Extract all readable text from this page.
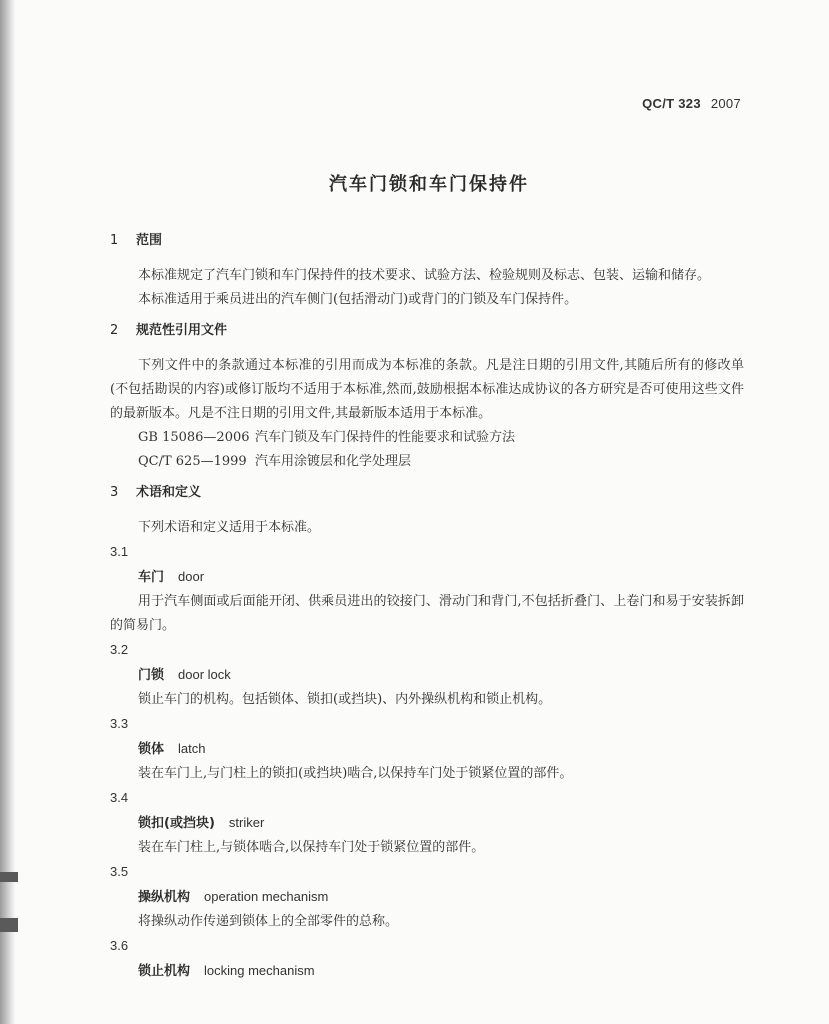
QC/T 323 2007
汽车门锁和车门保持件
1 范围

本标准规定了汽车门锁和车门保持件的技术要求、试验方法、检验规则及标志、包装、运输和储存。

本标准适用于乘员进出的汽车侧门(包括滑动门)或背门的门锁及车门保持件。

2 规范性引用文件

下列文件中的条款通过本标准的引用而成为本标准的条款。凡是注日期的引用文件,其随后所有的修改单(不包括勘误的内容)或修订版均不适用于本标准,然而,鼓励根据本标准达成协议的各方研究是否可使用这些文件的最新版本。凡是不注日期的引用文件,其最新版本适用于本标准。

GB 15086—2006 汽车门锁及车门保持件的性能要求和试验方法

QC/T 625—1999 汽车用涂镀层和化学处理层

3 术语和定义

下列术语和定义适用于本标准。

3.1
车门 door

用于汽车侧面或后面能开闭、供乘员进出的铰接门、滑动门和背门,不包括折叠门、上卷门和易于安装拆卸的简易门。

3.2
门锁 door lock

锁止车门的机构。包括锁体、锁扣(或挡块)、内外操纵机构和锁止机构。

3.3
锁体 latch

装在车门上,与门柱上的锁扣(或挡块)啮合,以保持车门处于锁紧位置的部件。

3.4
锁扣(或挡块) striker

装在车门柱上,与锁体啮合,以保持车门处于锁紧位置的部件。

3.5
操纵机构 operation mechanism

将操纵动作传递到锁体上的全部零件的总称。

3.6
锁止机构 locking mechanism
